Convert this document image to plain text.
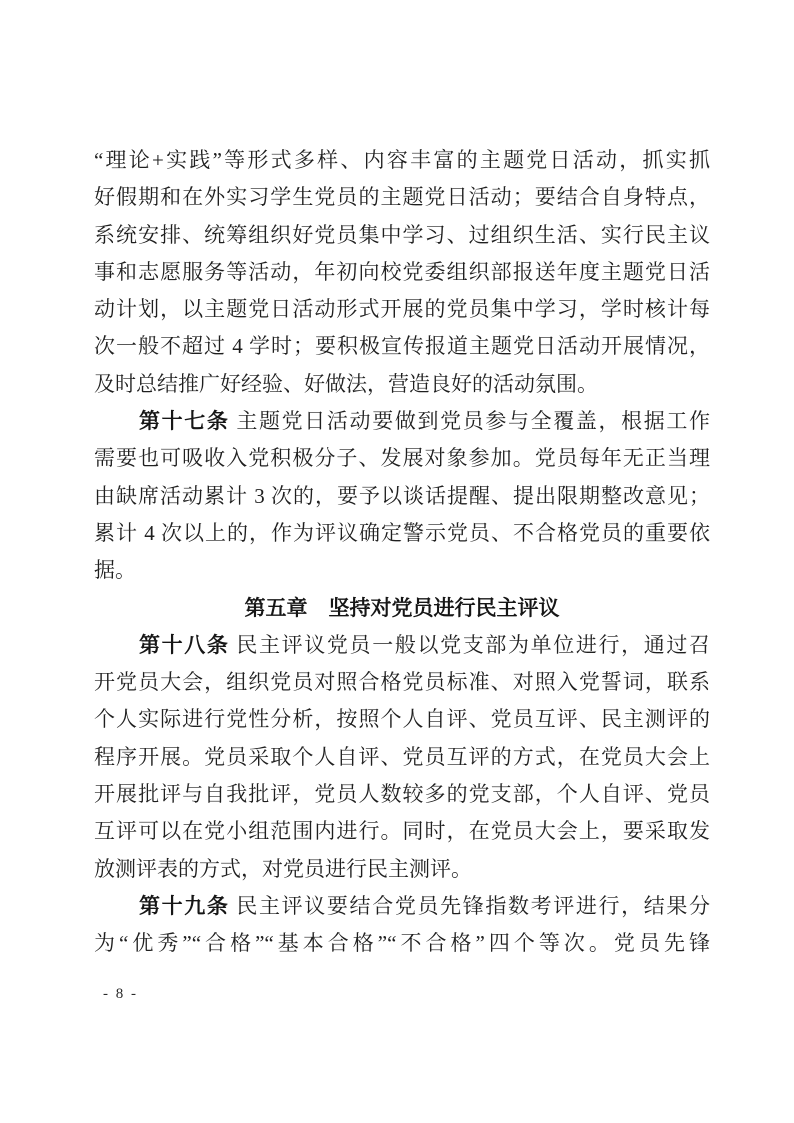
“理论+实践”等形式多样、内容丰富的主题党日活动，抓实抓
好假期和在外实习学生党员的主题党日活动；要结合自身特点，
系统安排、统筹组织好党员集中学习、过组织生活、实行民主议
事和志愿服务等活动，年初向校党委组织部报送年度主题党日活
动计划，以主题党日活动形式开展的党员集中学习，学时核计每
次一般不超过 4 学时；要积极宣传报道主题党日活动开展情况，
及时总结推广好经验、好做法，营造良好的活动氛围。
第十七条 主题党日活动要做到党员参与全覆盖，根据工作
需要也可吸收入党积极分子、发展对象参加。党员每年无正当理
由缺席活动累计 3 次的，要予以谈话提醒、提出限期整改意见；
累计 4 次以上的，作为评议确定警示党员、不合格党员的重要依
据。
第五章　坚持对党员进行民主评议
第十八条 民主评议党员一般以党支部为单位进行，通过召
开党员大会，组织党员对照合格党员标准、对照入党誓词，联系
个人实际进行党性分析，按照个人自评、党员互评、民主测评的
程序开展。党员采取个人自评、党员互评的方式，在党员大会上
开展批评与自我批评，党员人数较多的党支部，个人自评、党员
互评可以在党小组范围内进行。同时，在党员大会上，要采取发
放测评表的方式，对党员进行民主测评。
第十九条 民主评议要结合党员先锋指数考评进行，结果分
为“优秀”“合格”“基本合格”“不合格”四个等次。党员先锋
- 8 -
